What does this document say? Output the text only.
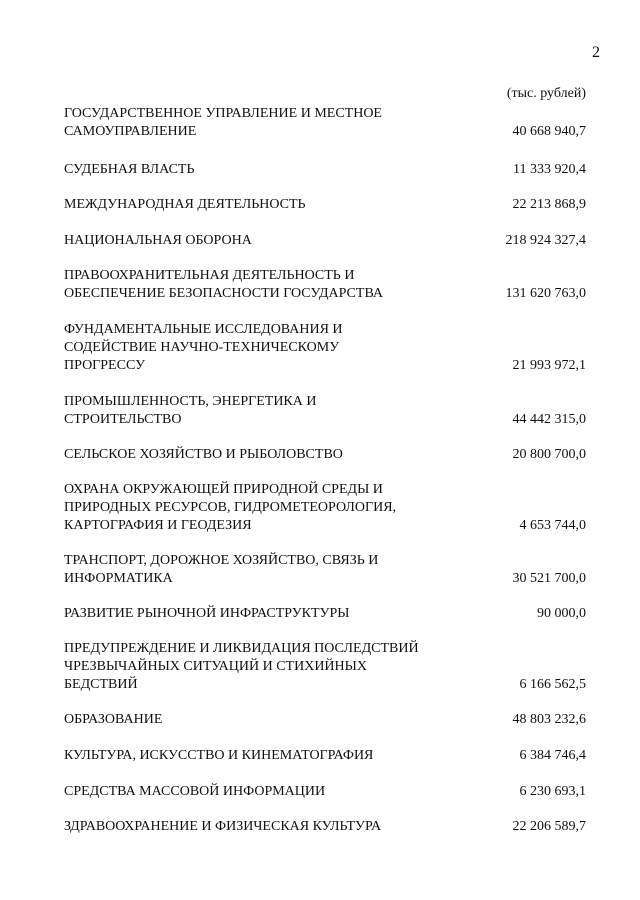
2
(тыс. рублей)
ГОСУДАРСТВЕННОЕ УПРАВЛЕНИЕ И МЕСТНОЕ
САМОУПРАВЛЕНИЕ	40 668 940,7
СУДЕБНАЯ ВЛАСТЬ	11 333 920,4
МЕЖДУНАРОДНАЯ ДЕЯТЕЛЬНОСТЬ	22 213 868,9
НАЦИОНАЛЬНАЯ ОБОРОНА	218 924 327,4
ПРАВООХРАНИТЕЛЬНАЯ ДЕЯТЕЛЬНОСТЬ И
ОБЕСПЕЧЕНИЕ БЕЗОПАСНОСТИ ГОСУДАРСТВА	131 620 763,0
ФУНДАМЕНТАЛЬНЫЕ ИССЛЕДОВАНИЯ И
СОДЕЙСТВИЕ НАУЧНО-ТЕХНИЧЕСКОМУ
ПРОГРЕССУ	21 993 972,1
ПРОМЫШЛЕННОСТЬ, ЭНЕРГЕТИКА И
СТРОИТЕЛЬСТВО	44 442 315,0
СЕЛЬСКОЕ ХОЗЯЙСТВО И РЫБОЛОВСТВО	20 800 700,0
ОХРАНА ОКРУЖАЮЩЕЙ ПРИРОДНОЙ СРЕДЫ И
ПРИРОДНЫХ РЕСУРСОВ, ГИДРОМЕТЕОРОЛОГИЯ,
КАРТОГРАФИЯ И ГЕОДЕЗИЯ	4 653 744,0
ТРАНСПОРТ, ДОРОЖНОЕ ХОЗЯЙСТВО, СВЯЗЬ И
ИНФОРМАТИКА	30 521 700,0
РАЗВИТИЕ РЫНОЧНОЙ ИНФРАСТРУКТУРЫ	90 000,0
ПРЕДУПРЕЖДЕНИЕ И ЛИКВИДАЦИЯ ПОСЛЕДСТВИЙ
ЧРЕЗВЫЧАЙНЫХ СИТУАЦИЙ И СТИХИЙНЫХ
БЕДСТВИЙ	6 166 562,5
ОБРАЗОВАНИЕ	48 803 232,6
КУЛЬТУРА, ИСКУССТВО И КИНЕМАТОГРАФИЯ	6 384 746,4
СРЕДСТВА МАССОВОЙ ИНФОРМАЦИИ	6 230 693,1
ЗДРАВООХРАНЕНИЕ И ФИЗИЧЕСКАЯ КУЛЬТУРА	22 206 589,7
